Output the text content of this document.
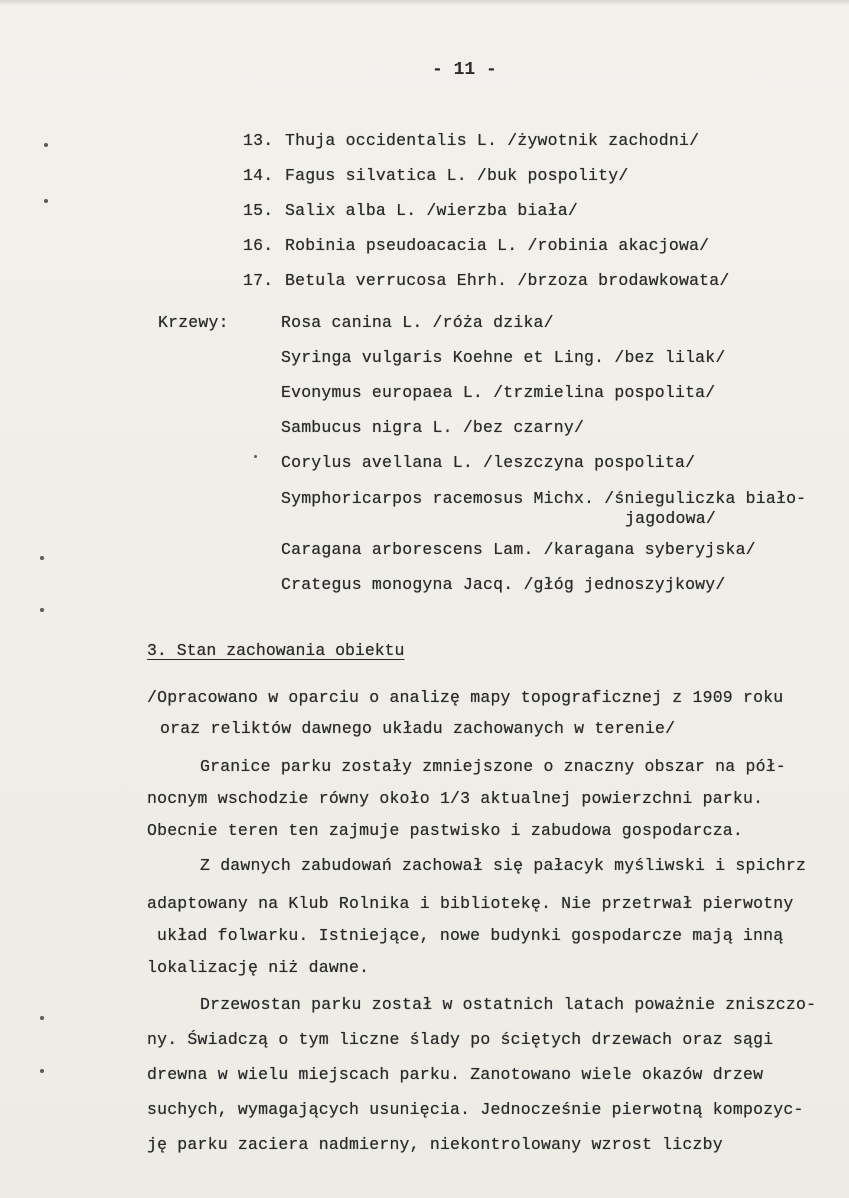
- 11 -
13. Thuja occidentalis L. /żywotnik zachodni/
14. Fagus silvatica L. /buk pospolity/
15. Salix alba L. /wierzba biała/
16. Robinia pseudoacacia L. /robinia akacjowa/
17. Betula verrucosa Ehrh. /brzoza brodawkowata/
Krzewy:	Rosa canina L. /róża dzika/
Syringa vulgaris Koehne et Ling. /bez lilak/
Evonymus europaea L. /trzmielina pospolita/
Sambucus nigra L. /bez czarny/
Corylus avellana L. /leszczyna pospolita/
Symphoricarpos racemosus Michx. /śnieguliczka biało-
jagodowa/
Caragana arborescens Lam. /karagana syberyjska/
Crategus monogyna Jacq. /głóg jednoszyjkowy/
3. Stan zachowania obiektu
/Opracowano w oparciu o analizę mapy topograficznej z 1909 roku
oraz reliktów dawnego układu zachowanych w terenie/
Granice parku zostały zmniejszone o znaczny obszar na pół-
nocnym wschodzie równy około 1/3 aktualnej powierzchni parku.
Obecnie teren ten zajmuje pastwisko i zabudowa gospodarcza.
Z dawnych zabudowań zachował się pałacyk myśliwski i spichrz
adaptowany na Klub Rolnika i bibliotekę. Nie przetrwał pierwotny
układ folwarku. Istniejące, nowe budynki gospodarcze mają inną
lokalizację niż dawne.
Drzewostan parku został w ostatnich latach poważnie zniszczo-
ny. Świadczą o tym liczne ślady po ściętych drzewach oraz sągi
drewna w wielu miejscach parku. Zanotowano wiele okazów drzew
suchych, wymagających usunięcia. Jednocześnie pierwotną kompozyc-
ję parku zaciera nadmierny, niekontrolowany wzrost liczby
